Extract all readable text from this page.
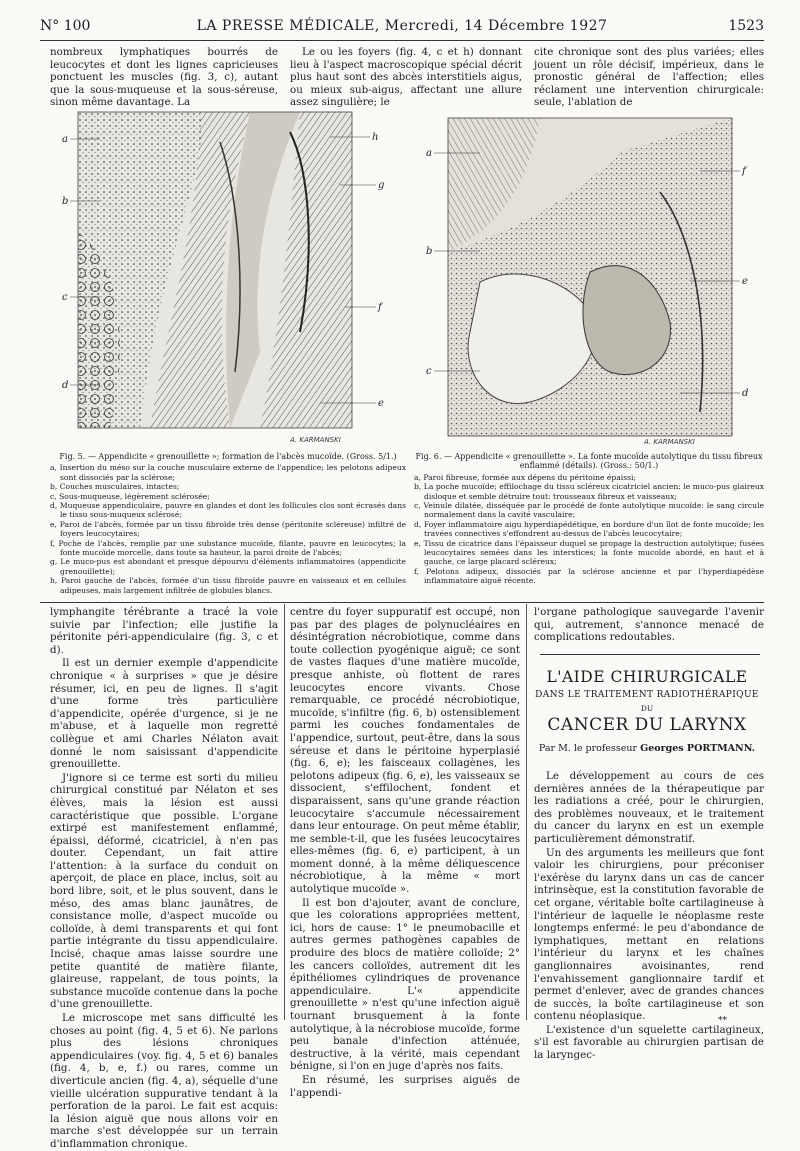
N° 100	LA PRESSE MÉDICALE, Mercredi, 14 Décembre 1927	1523

nombreux lymphatiques bourrés de leucocytes et dont les lignes capricieuses ponctuent les muscles (fig. 3, c), autant que la sous-muqueuse et la sous-séreuse, sinon même davantage. La

Le ou les foyers (fig. 4, c et h) donnant lieu à l'aspect macroscopique spécial décrit plus haut sont des abcès interstitiels aigus, ou mieux sub-aigus, affectant une allure assez singulière; le

cite chronique sont des plus variées; elles jouent un rôle décisif, impérieux, dans le pronostic général de l'affection; elles réclament une intervention chirurgicale: seule, l'ablation de

a
b
c
d
h
g
f
e
A. KARMANSKI
Fig. 5. — Appendicite « grenouillette »; formation de l'abcès mucoïde. (Gross. 5/1.)
a, Insertion du méso sur la couche musculaire externe de l'appendice; les pelotons adipeux sont dissociés par la sclérose;
b, Couches musculaires, intactes;
c, Sous-muqueuse, légèrement sclérosée;
d, Muqueuse appendiculaire, pauvre en glandes et dont les follicules clos sont écrasés dans le tissu sous-muqueux sclérosé;
e, Paroi de l'abcès, formée par un tissu fibroïde très dense (péritonite scléreuse) infiltré de foyers leucocytaires;
f, Poche de l'abcès, remplie par une substance mucoïde, filante, pauvre en leucocytes; la fonte mucoïde morcelle, dans toute sa hauteur, la paroi droite de l'abcès;
g, Le muco-pus est abondant et presque dépourvu d'éléments inflammatoires (appendicite grenouillette);
h, Paroi gauche de l'abcès, formée d'un tissu fibroïde pauvre en vaisseaux et en cellules adipeuses, mais largement infiltrée de globules blancs.
a
b
c
f
e
d
A. KARMANSKI
Fig. 6. — Appendicite « grenouillette ». La fonte mucoïde autolytique du tissu fibreux enflammé (détails). (Gross.: 50/1.)
a, Paroi fibreuse, formée aux dépens du péritoine épaissi;
b, La poche mucoïde; effilochage du tissu scléreux cicatriciel ancien: le muco-pus glaireux disloque et semble détruire tout: trousseaux fibreux et vaisseaux;
c, Veinule dilatée, disséquée par le procédé de fonte autolytique mucoïde: le sang circule normalement dans la cavité vasculaire;
d, Foyer inflammatoire aigu hyperdiapédétique, en bordure d'un îlot de fonte mucoïde; les travées connectives s'effondrent au-dessus de l'abcès leucocytaire;
e, Tissu de cicatrice dans l'épaisseur duquel se propage la destruction autolytique; fusées leucocytaires semées dans les interstices; la fonte mucoïde abordé, en haut et à gauche, ce large placard scléreux;
f, Pelotons adipeux, dissociés par la sclérose ancienne et par l'hyperdiapédèse inflammatoire aiguë récente.

lymphangite térébrante a tracé la voie suivie par l'infection; elle justifie la péritonite péri-appendiculaire (fig. 3, c et d).

Il est un dernier exemple d'appendicite chronique « à surprises » que je désire résumer, ici, en peu de lignes. Il s'agit d'une forme très particulière d'appendicite, opérée d'urgence, si je ne m'abuse, et à laquelle mon regretté collègue et ami Charles Nélaton avait donné le nom saisissant d'appendicite grenouillette.

J'ignore si ce terme est sorti du milieu chirurgical constitué par Nélaton et ses élèves, mais la lésion est aussi caractéristique que possible. L'organe extirpé est manifestement enflammé, épaissi, déformé, cicatriciel, à n'en pas douter. Cependant, un fait attire l'attention: à la surface du conduit on aperçoit, de place en place, inclus, soit au bord libre, soit, et le plus souvent, dans le méso, des amas blanc jaunâtres, de consistance molle, d'aspect mucoïde ou colloïde, à demi transparents et qui font partie intégrante du tissu appendiculaire. Incisé, chaque amas laisse sourdre une petite quantité de matière filante, glaireuse, rappelant, de tous points, la substance mucoïde contenue dans la poche d'une grenouillette.

Le microscope met sans difficulté les choses au point (fig. 4, 5 et 6). Ne parlons plus des lésions chroniques appendiculaires (voy. fig. 4, 5 et 6) banales (fig. 4, b, e, f.) ou rares, comme un diverticule ancien (fig. 4, a), séquelle d'une vieille ulcération suppurative tendant à la perforation de la paroi. Le fait est acquis: la lésion aiguë que nous allons voir en marche s'est développée sur un terrain d'inflammation chronique.

centre du foyer suppuratif est occupé, non pas par des plages de polynucléaires en désintégration nécrobiotique, comme dans toute collection pyogénique aiguë; ce sont de vastes flaques d'une matière mucoïde, presque anhiste, où flottent de rares leucocytes encore vivants. Chose remarquable, ce procédé nécrobiotique, mucoïde, s'infiltre (fig. 6, b) ostensiblement parmi les couches fondamentales de l'appendice, surtout, peut-être, dans la sous séreuse et dans le péritoine hyperplasié (fig. 6, e); les faisceaux collagènes, les pelotons adipeux (fig. 6, e), les vaisseaux se dissocient, s'effilochent, fondent et disparaissent, sans qu'une grande réaction leucocytaire s'accumule nécessairement dans leur entourage. On peut même établir, me semble-t-il, que les fusées leucocytaires elles-mêmes (fig. 6, e) participent, à un moment donné, à la même déliquescence nécrobiotique, à la même « mort autolytique mucoïde ».

Il est bon d'ajouter, avant de conclure, que les colorations appropriées mettent, ici, hors de cause: 1° le pneumobacille et autres germes pathogènes capables de produire des blocs de matière colloïde; 2° les cancers colloïdes, autrement dit les épithéliomes cylindriques de provenance appendiculaire. L'« appendicite grenouillette » n'est qu'une infection aiguë tournant brusquement à la fonte autolytique, à la nécrobiose mucoïde, forme peu banale d'infection atténuée, destructive, à la vérité, mais cependant bénigne, si l'on en juge d'après nos faits.

En résumé, les surprises aiguës de l'appendi-

l'organe pathologique sauvegarde l'avenir qui, autrement, s'annonce menacé de complications redoutables.

L'AIDE CHIRURGICALE
DANS LE TRAITEMENT RADIOTHÉRAPIQUE
DU
CANCER DU LARYNX
Par M. le professeur Georges PORTMANN.

Le développement au cours de ces dernières années de la thérapeutique par les radiations a créé, pour le chirurgien, des problèmes nouveaux, et le traitement du cancer du larynx en est un exemple particulièrement démonstratif.

Un des arguments les meilleurs que font valoir les chirurgiens, pour préconiser l'exérèse du larynx dans un cas de cancer intrinsèque, est la constitution favorable de cet organe, véritable boîte cartilagineuse à l'intérieur de laquelle le néoplasme reste longtemps enfermé: le peu d'abondance de lymphatiques, mettant en relations l'intérieur du larynx et les chaînes ganglionnaires avoisinantes, rend l'envahissement ganglionnaire tardif et permet d'enlever, avec de grandes chances de succès, la boîte cartilagineuse et son contenu néoplasique.

L'existence d'un squelette cartilagineux, s'il est favorable au chirurgien partisan de la laryngec-

**
